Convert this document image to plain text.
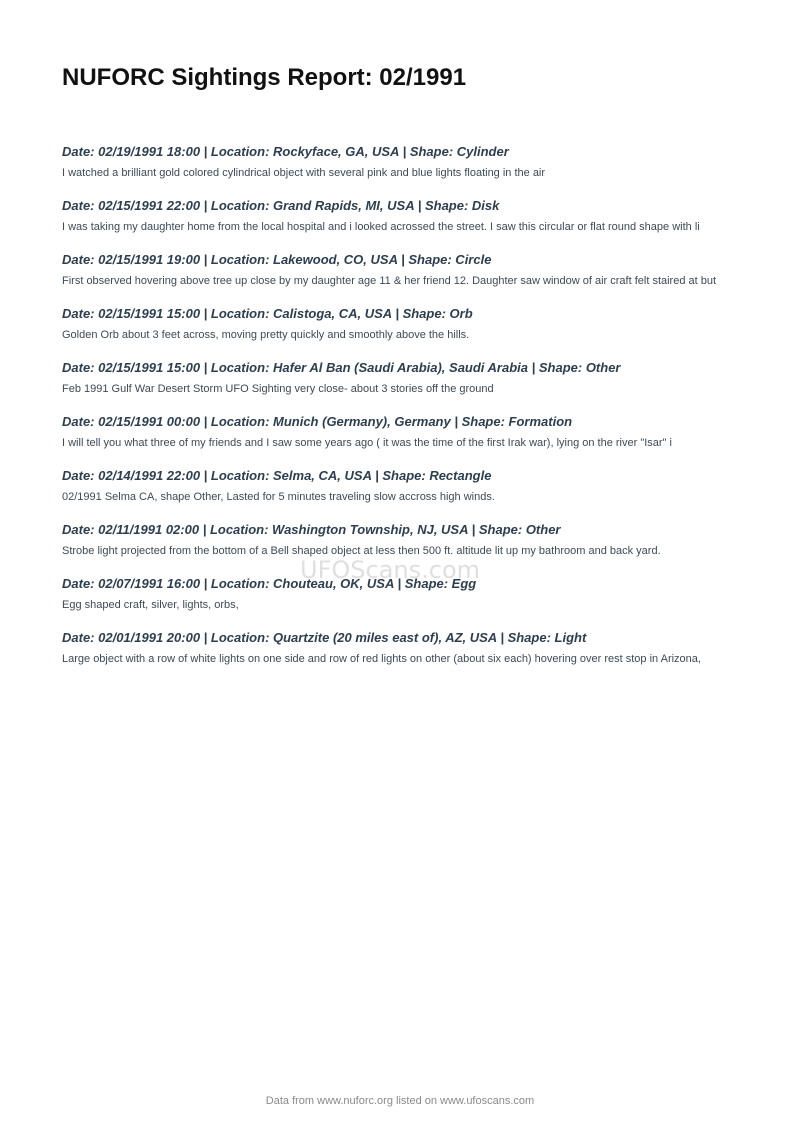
NUFORC Sightings Report: 02/1991
Date: 02/19/1991 18:00 | Location: Rockyface, GA, USA | Shape: Cylinder
I watched a brilliant gold colored cylindrical object with several pink and blue lights floating in the air
Date: 02/15/1991 22:00 | Location: Grand Rapids, MI, USA | Shape: Disk
I was taking my daughter home from the local hospital and i looked acrossed the street. I saw this circular or flat round shape with li
Date: 02/15/1991 19:00 | Location: Lakewood, CO, USA | Shape: Circle
First observed hovering above tree up close by my daughter age 11 & her friend 12. Daughter saw window of air craft felt staired at but
Date: 02/15/1991 15:00 | Location: Calistoga, CA, USA | Shape: Orb
Golden Orb about 3 feet across, moving pretty quickly and smoothly above the hills.
Date: 02/15/1991 15:00 | Location: Hafer Al Ban (Saudi Arabia), Saudi Arabia | Shape: Other
Feb 1991 Gulf War Desert Storm UFO Sighting very close- about 3 stories off the ground
Date: 02/15/1991 00:00 | Location: Munich (Germany), Germany | Shape: Formation
I will tell you what three of my friends and I saw some years ago ( it was the time of the first Irak war), lying on the river "Isar" i
Date: 02/14/1991 22:00 | Location: Selma, CA, USA | Shape: Rectangle
02/1991 Selma CA, shape Other, Lasted for 5 minutes traveling slow accross high winds.
Date: 02/11/1991 02:00 | Location: Washington Township, NJ, USA | Shape: Other
Strobe light projected from the bottom of a Bell shaped object at less then 500 ft. altitude lit up my bathroom and back yard.
Date: 02/07/1991 16:00 | Location: Chouteau, OK, USA | Shape: Egg
Egg shaped craft, silver, lights, orbs,
Date: 02/01/1991 20:00 | Location: Quartzite (20 miles east of), AZ, USA | Shape: Light
Large object with a row of white lights on one side and row of red lights on other (about six each) hovering over rest stop in Arizona,
UFOScans.com
Data from www.nuforc.org listed on www.ufoscans.com
